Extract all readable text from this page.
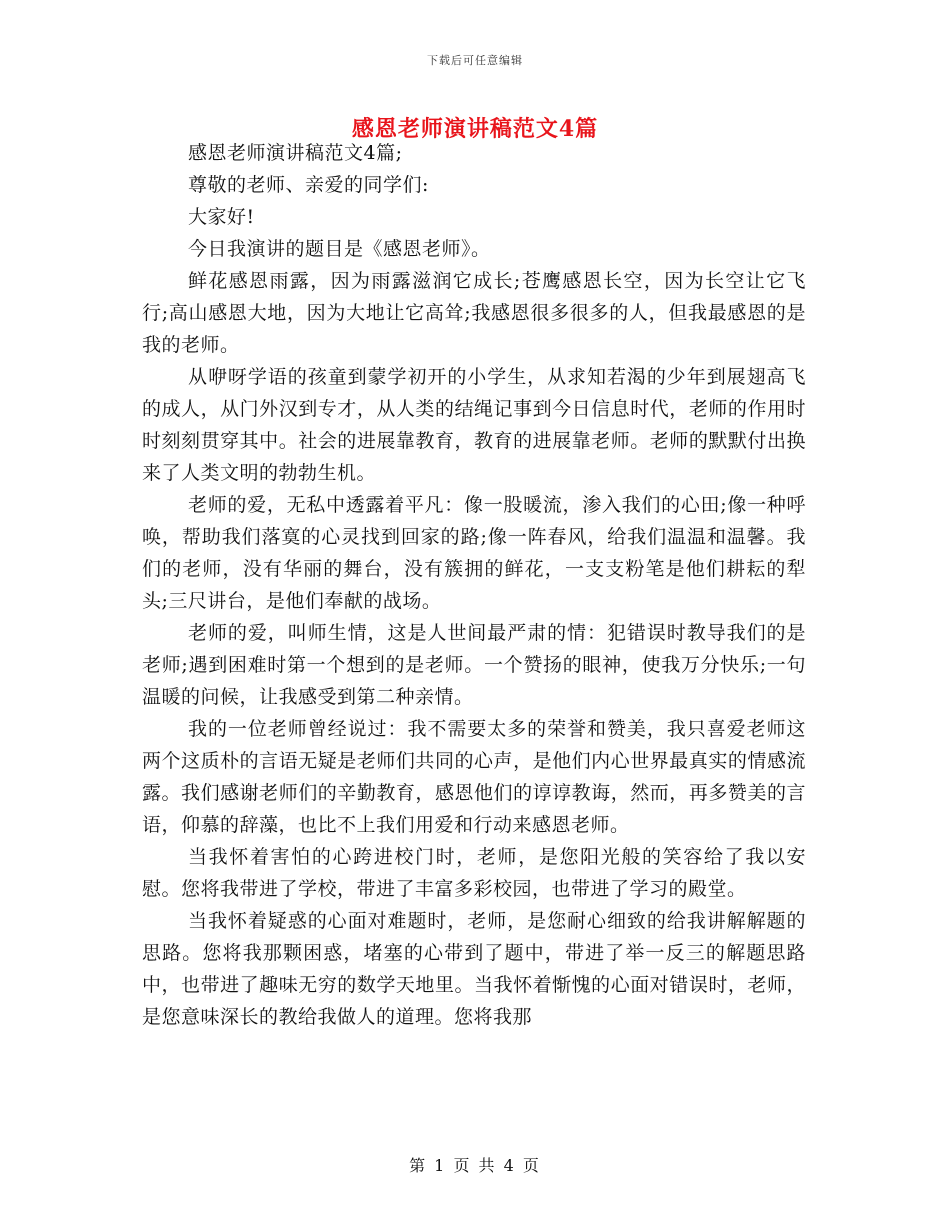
下载后可任意编辑
感恩老师演讲稿范文4篇

感恩老师演讲稿范文4篇;

尊敬的老师、亲爱的同学们:

大家好!

今日我演讲的题目是《感恩老师》。

鲜花感恩雨露，因为雨露滋润它成长;苍鹰感恩长空，因为长空让它飞行;高山感恩大地，因为大地让它高耸;我感恩很多很多的人，但我最感恩的是我的老师。

从咿呀学语的孩童到蒙学初开的小学生，从求知若渴的少年到展翅高飞的成人，从门外汉到专才，从人类的结绳记事到今日信息时代，老师的作用时时刻刻贯穿其中。社会的进展靠教育，教育的进展靠老师。老师的默默付出换来了人类文明的勃勃生机。

老师的爱，无私中透露着平凡：像一股暖流，渗入我们的心田;像一种呼唤，帮助我们落寞的心灵找到回家的路;像一阵春风，给我们温温和温馨。我们的老师，没有华丽的舞台，没有簇拥的鲜花，一支支粉笔是他们耕耘的犁头;三尺讲台，是他们奉献的战场。

老师的爱，叫师生情，这是人世间最严肃的情：犯错误时教导我们的是老师;遇到困难时第一个想到的是老师。一个赞扬的眼神，使我万分快乐;一句温暖的问候，让我感受到第二种亲情。

我的一位老师曾经说过：我不需要太多的荣誉和赞美，我只喜爱老师这两个这质朴的言语无疑是老师们共同的心声，是他们内心世界最真实的情感流露。我们感谢老师们的辛勤教育，感恩他们的谆谆教诲，然而，再多赞美的言语，仰慕的辞藻，也比不上我们用爱和行动来感恩老师。

当我怀着害怕的心跨进校门时，老师，是您阳光般的笑容给了我以安慰。您将我带进了学校，带进了丰富多彩校园，也带进了学习的殿堂。

当我怀着疑惑的心面对难题时，老师，是您耐心细致的给我讲解解题的思路。您将我那颗困惑，堵塞的心带到了题中，带进了举一反三的解题思路中，也带进了趣味无穷的数学天地里。当我怀着惭愧的心面对错误时，老师，是您意味深长的教给我做人的道理。您将我那

第 1 页 共 4 页
